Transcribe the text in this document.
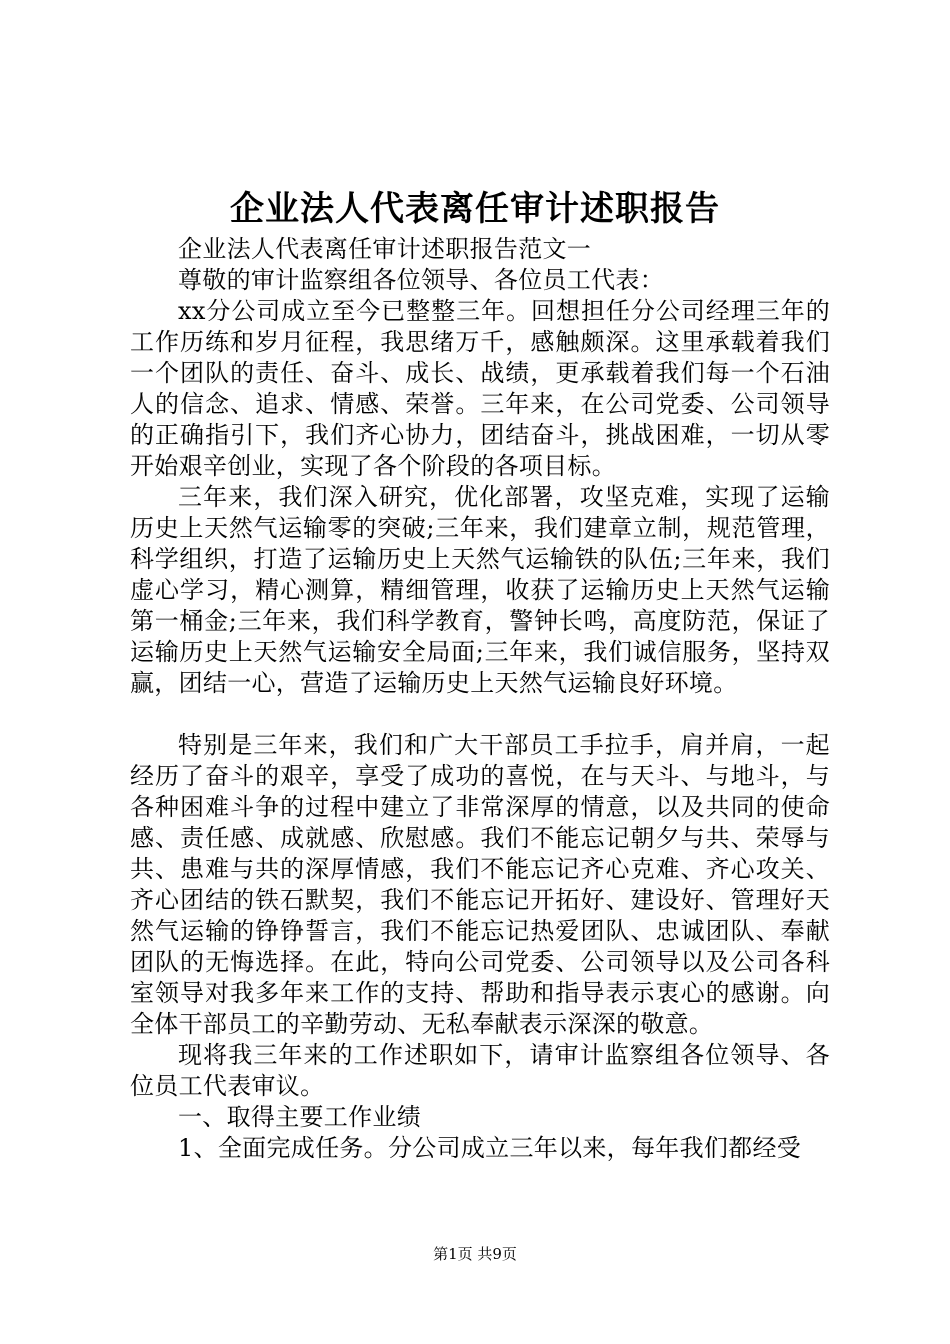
企业法人代表离任审计述职报告

企业法人代表离任审计述职报告范文一

尊敬的审计监察组各位领导、各位员工代表：

xx分公司成立至今已整整三年。回想担任分公司经理三年的工作历练和岁月征程，我思绪万千，感触颇深。这里承载着我们一个团队的责任、奋斗、成长、战绩，更承载着我们每一个石油人的信念、追求、情感、荣誉。三年来，在公司党委、公司领导的正确指引下，我们齐心协力，团结奋斗，挑战困难，一切从零开始艰辛创业，实现了各个阶段的各项目标。

三年来，我们深入研究，优化部署，攻坚克难，实现了运输历史上天然气运输零的突破;三年来，我们建章立制，规范管理，科学组织，打造了运输历史上天然气运输铁的队伍;三年来，我们虚心学习，精心测算，精细管理，收获了运输历史上天然气运输第一桶金;三年来，我们科学教育，警钟长鸣，高度防范，保证了运输历史上天然气运输安全局面;三年来，我们诚信服务，坚持双赢，团结一心，营造了运输历史上天然气运输良好环境。

特别是三年来，我们和广大干部员工手拉手，肩并肩，一起经历了奋斗的艰辛，享受了成功的喜悦，在与天斗、与地斗，与各种困难斗争的过程中建立了非常深厚的情意，以及共同的使命感、责任感、成就感、欣慰感。我们不能忘记朝夕与共、荣辱与共、患难与共的深厚情感，我们不能忘记齐心克难、齐心攻关、齐心团结的铁石默契，我们不能忘记开拓好、建设好、管理好天然气运输的铮铮誓言，我们不能忘记热爱团队、忠诚团队、奉献团队的无悔选择。在此，特向公司党委、公司领导以及公司各科室领导对我多年来工作的支持、帮助和指导表示衷心的感谢。向全体干部员工的辛勤劳动、无私奉献表示深深的敬意。

现将我三年来的工作述职如下，请审计监察组各位领导、各位员工代表审议。

一、取得主要工作业绩

1、全面完成任务。分公司成立三年以来，每年我们都经受

第1页 共9页
